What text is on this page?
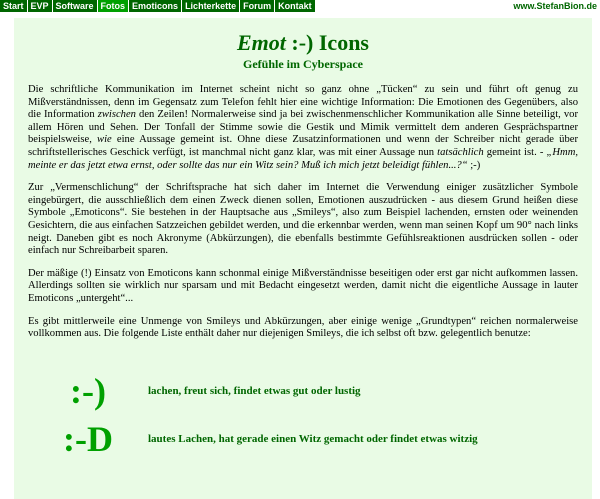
Start EVP Software Fotos Emoticons Lichterkette Forum Kontakt	www.StefanBion.de
Emot :-) Icons
Gefühle im Cyberspace

Die schriftliche Kommunikation im Internet scheint nicht so ganz ohne „Tücken“ zu sein und führt oft genug zu Mißverständnissen, denn im Gegensatz zum Telefon fehlt hier eine wichtige Information: Die Emotionen des Gegenübers, also die Information zwischen den Zeilen! Normalerweise sind ja bei zwischenmenschlicher Kommunikation alle Sinne beteiligt, vor allem Hören und Sehen. Der Tonfall der Stimme sowie die Gestik und Mimik vermittelt dem anderen Gesprächspartner beispielsweise, wie eine Aussage gemeint ist. Ohne diese Zusatzinformationen und wenn der Schreiber nicht gerade über schriftstellerisches Geschick verfügt, ist manchmal nicht ganz klar, was mit einer Aussage nun tatsächlich gemeint ist. - „Hmm, meinte er das jetzt etwa ernst, oder sollte das nur ein Witz sein? Muß ich mich jetzt beleidigt fühlen...?“ ;-)

Zur „Vermenschlichung“ der Schriftsprache hat sich daher im Internet die Verwendung einiger zusätzlicher Symbole eingebürgert, die ausschließlich dem einen Zweck dienen sollen, Emotionen auszudrücken - aus diesem Grund heißen diese Symbole „Emoticons“. Sie bestehen in der Hauptsache aus „Smileys“, also zum Beispiel lachenden, ernsten oder weinenden Gesichtern, die aus einfachen Satzzeichen gebildet werden, und die erkennbar werden, wenn man seinen Kopf um 90° nach links neigt. Daneben gibt es noch Akronyme (Abkürzungen), die ebenfalls bestimmte Gefühlsreaktionen ausdrücken sollen - oder einfach nur Schreibarbeit sparen.

Der mäßige (!) Einsatz von Emoticons kann schonmal einige Mißverständnisse beseitigen oder erst gar nicht aufkommen lassen. Allerdings sollten sie wirklich nur sparsam und mit Bedacht eingesetzt werden, damit nicht die eigentliche Aussage in lauter Emoticons „untergeht“...

Es gibt mittlerweile eine Unmenge von Smileys und Abkürzungen, aber einige wenige „Grundtypen“ reichen normalerweise vollkommen aus. Die folgende Liste enthält daher nur diejenigen Smileys, die ich selbst oft bzw. gelegentlich benutze:

:-)	lachen, freut sich, findet etwas gut oder lustig
:-D	lautes Lachen, hat gerade einen Witz gemacht oder findet etwas witzig
